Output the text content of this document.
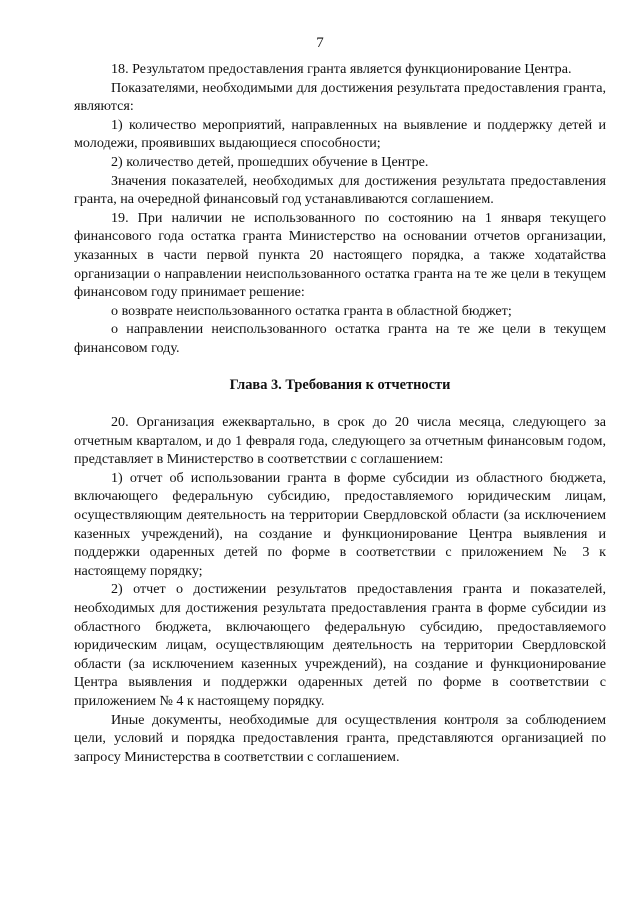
7

18. Результатом предоставления гранта является функционирование Центра.

Показателями, необходимыми для достижения результата предоставления гранта, являются:

1) количество мероприятий, направленных на выявление и поддержку детей и молодежи, проявивших выдающиеся способности;

2) количество детей, прошедших обучение в Центре.

Значения показателей, необходимых для достижения результата предоставления гранта, на очередной финансовый год устанавливаются соглашением.

19. При наличии не использованного по состоянию на 1 января текущего финансового года остатка гранта Министерство на основании отчетов организации, указанных в части первой пункта 20 настоящего порядка, а также ходатайства организации о направлении неиспользованного остатка гранта на те же цели в текущем финансовом году принимает решение:

о возврате неиспользованного остатка гранта в областной бюджет;

о направлении неиспользованного остатка гранта на те же цели в текущем финансовом году.

Глава 3. Требования к отчетности

20. Организация ежеквартально, в срок до 20 числа месяца, следующего за отчетным кварталом, и до 1 февраля года, следующего за отчетным финансовым годом, представляет в Министерство в соответствии с соглашением:

1) отчет об использовании гранта в форме субсидии из областного бюджета, включающего федеральную субсидию, предоставляемого юридическим лицам, осуществляющим деятельность на территории Свердловской области (за исключением казенных учреждений), на создание и функционирование Центра выявления и поддержки одаренных детей по форме в соответствии с приложением № 3 к настоящему порядку;

2) отчет о достижении результатов предоставления гранта и показателей, необходимых для достижения результата предоставления гранта в форме субсидии из областного бюджета, включающего федеральную субсидию, предоставляемого юридическим лицам, осуществляющим деятельность на территории Свердловской области (за исключением казенных учреждений), на создание и функционирование Центра выявления и поддержки одаренных детей по форме в соответствии с приложением № 4 к настоящему порядку.

Иные документы, необходимые для осуществления контроля за соблюдением цели, условий и порядка предоставления гранта, представляются организацией по запросу Министерства в соответствии с соглашением.
